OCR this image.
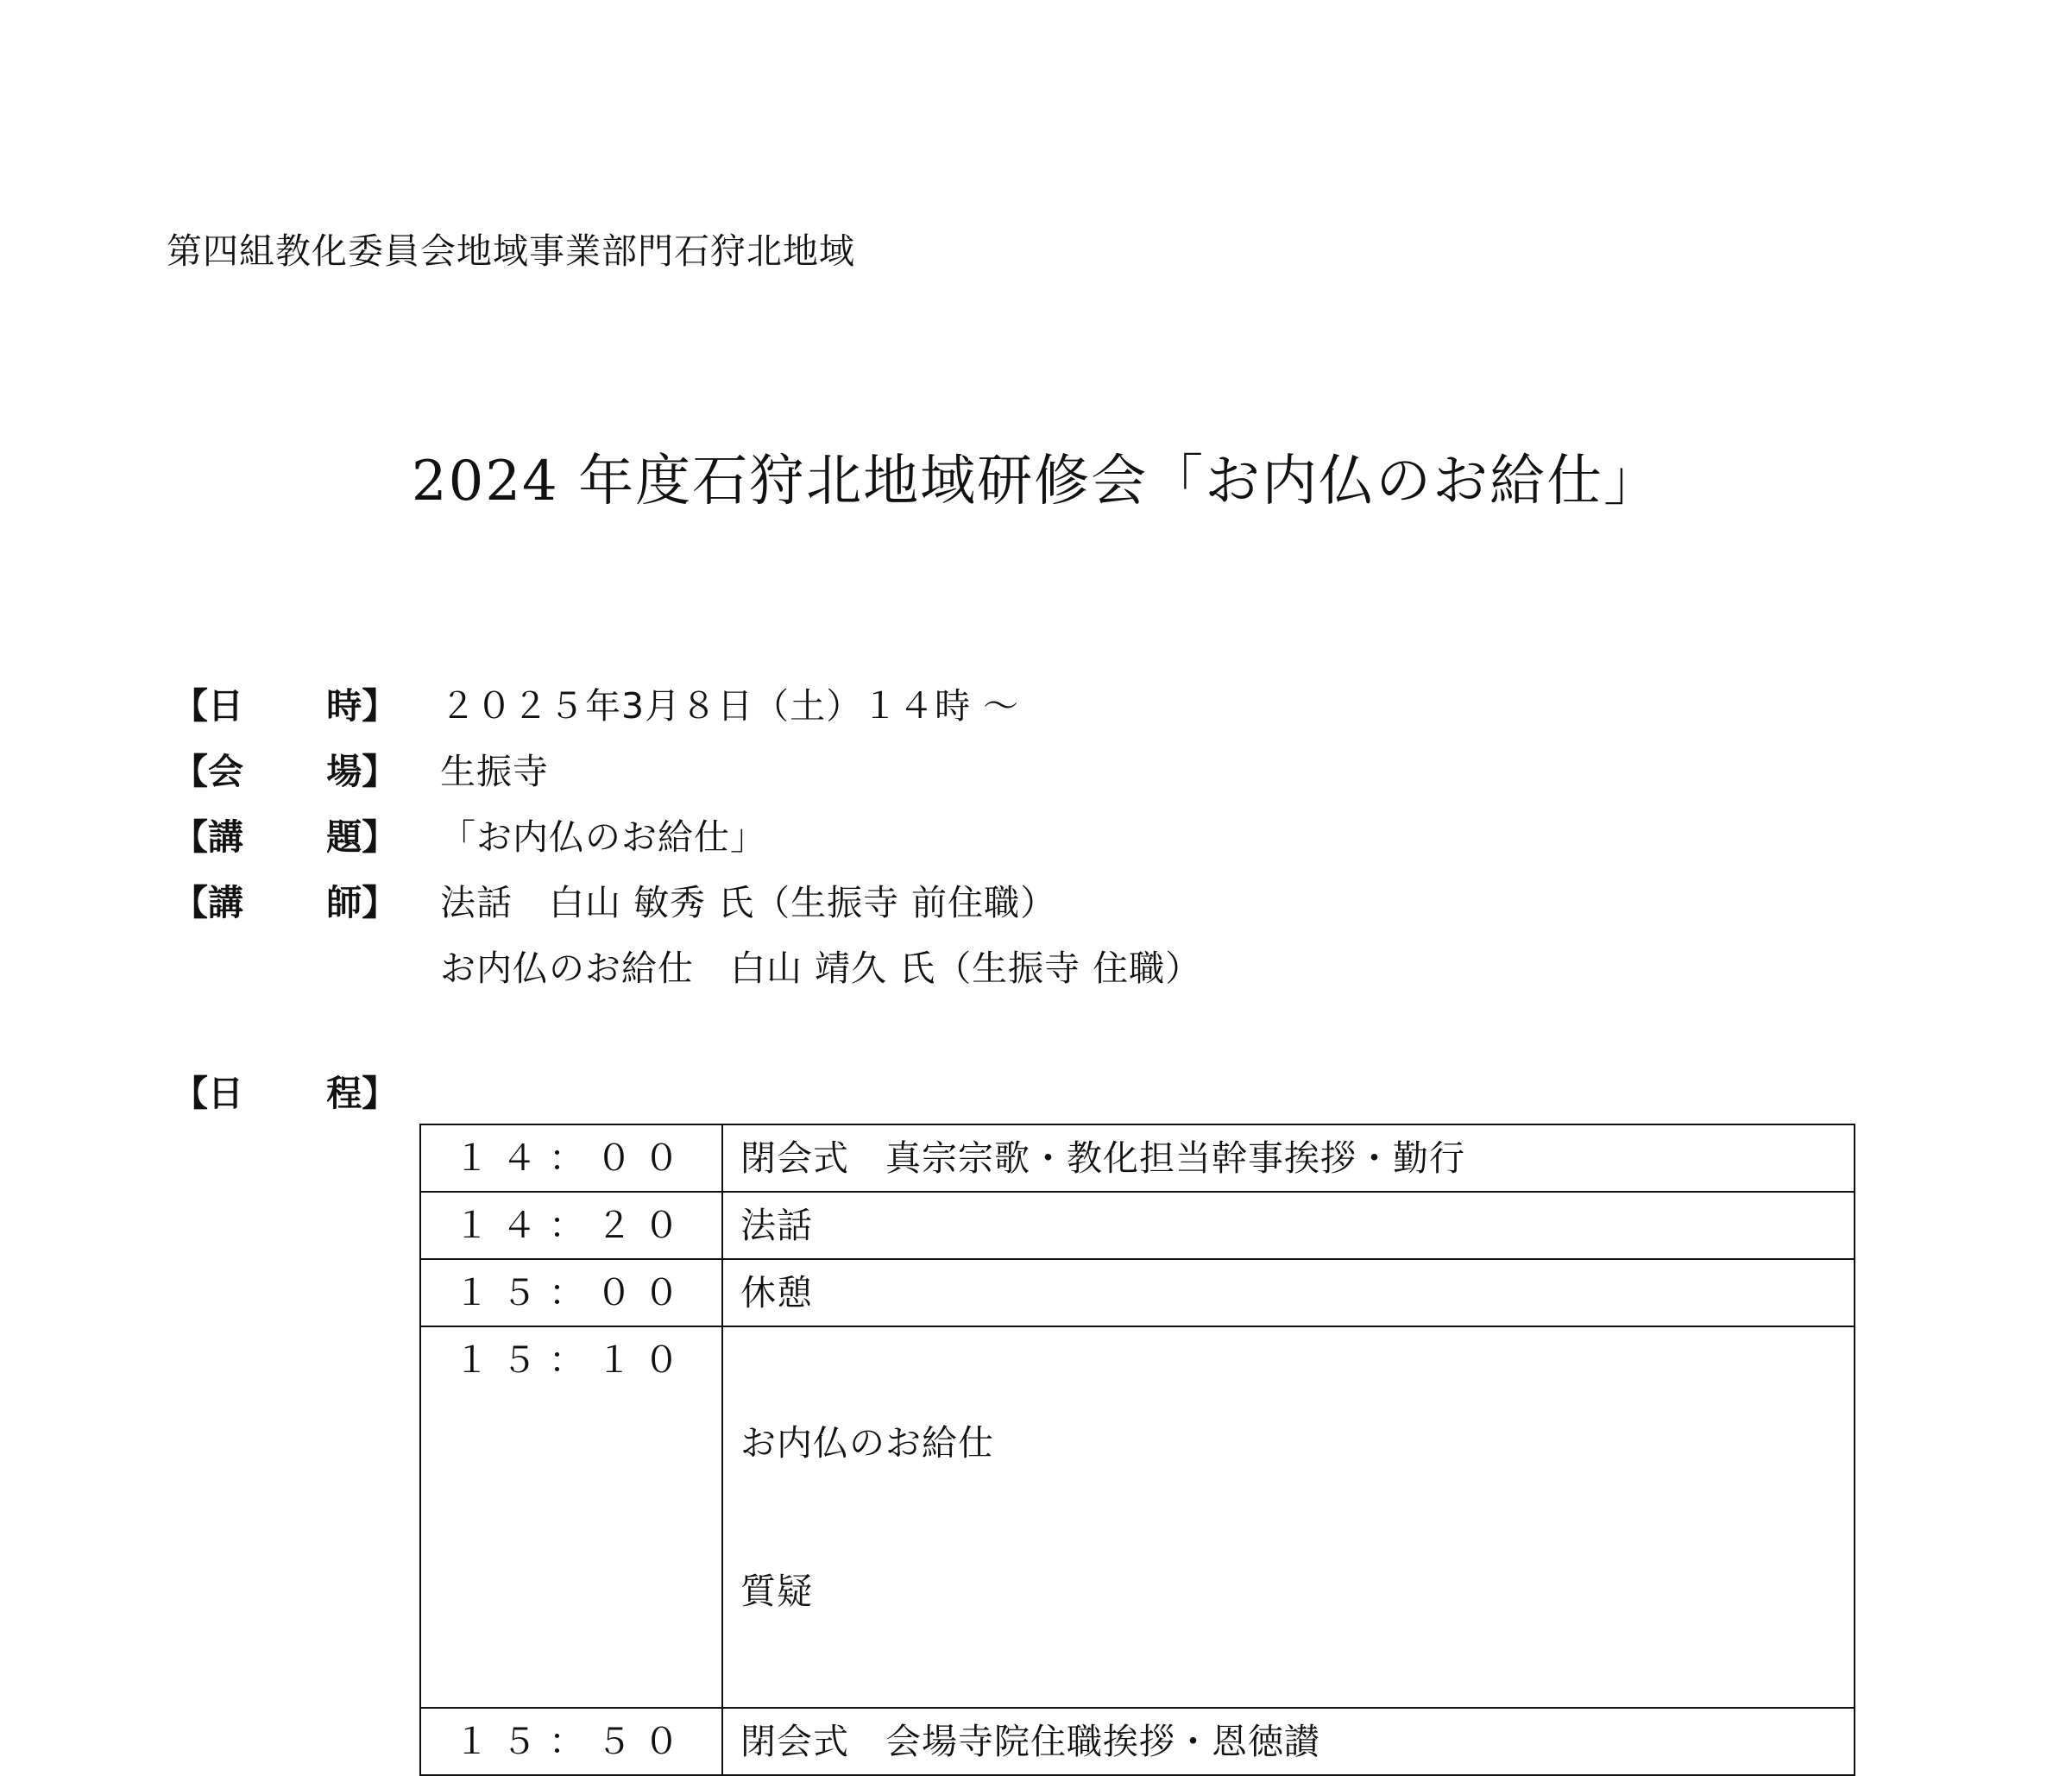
第四組教化委員会地域事業部門石狩北地域
2024 年度石狩北地域研修会「お内仏のお給仕」
【日　　 時】	２０２５年3月８日（土）１４時 ～
【会　　 場】	生振寺
【講　　 題】	「お内仏のお給仕」
【講　　 師】	法話　白山 敏秀 氏（生振寺 前住職）
お内仏のお給仕　白山 靖久 氏（生振寺 住職）
【日　　 程】
１４：００	閉会式　真宗宗歌・教化担当幹事挨拶・勤行

１４：２０	法話

１５：００	休憩

１５：１０	お内仏のお給仕

質疑

１５：５０	閉会式　会場寺院住職挨拶・恩徳讃
